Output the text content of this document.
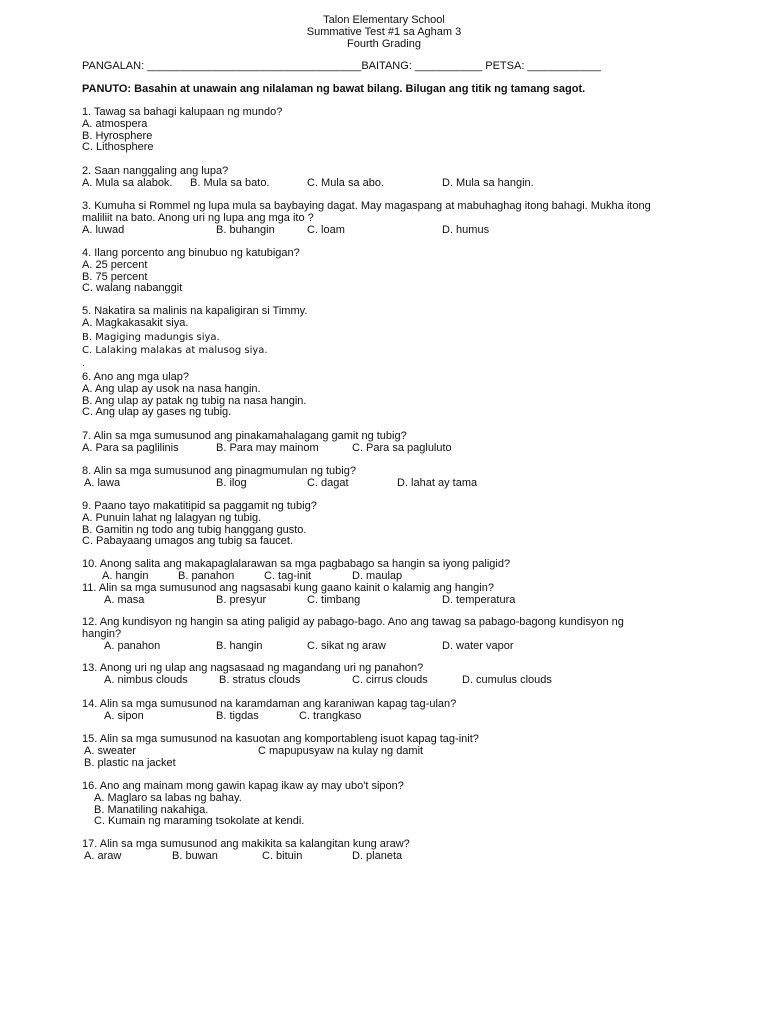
Talon Elementary School
Summative Test #1 sa Agham 3
Fourth Grading
PANGALAN: ___________________________________BAITANG: ___________ PETSA: ____________
PANUTO: Basahin at unawain ang nilalaman ng bawat bilang. Bilugan ang titik ng tamang sagot.
1. Tawag sa bahagi kalupaan ng mundo?
A. atmospera
B. Hyrosphere
C. Lithosphere
2. Saan nanggaling ang lupa?

A. Mula sa alabok.

B. Mula sa bato.

	C. Mula sa abo.

	D. Mula sa hangin.

3. Kumuha si Rommel ng lupa mula sa baybaying dagat. May magaspang at mabuhaghag itong bahagi. Mukha itong
maliliit na bato. Anong uri ng lupa ang mga ito ?

A. luwad

	B. buhangin

	C. loam

	D. humus

4. Ilang porcento ang binubuo ng katubigan?
A. 25 percent
B. 75 percent
C. walang nabanggit
5. Nakatira sa malinis na kapaligiran si Timmy.
A. Magkakasakit siya.
B. Magiging madungis siya.
C. Lalaking malakas at malusog siya.
.
6. Ano ang mga ulap?
A. Ang ulap ay usok na nasa hangin.
B. Ang ulap ay patak ng tubig na nasa hangin.
C. Ang ulap ay gases ng tubig.
7. Alin sa mga sumusunod ang pinakamahalagang gamit ng tubig?

A. Para sa paglilinis

	B. Para may mainom

	C. Para sa pagluluto

8. Alin sa mga sumusunod ang pinagmumulan ng tubig?

A. lawa

	B. ilog

	C. dagat

	D. lahat ay tama

9. Paano tayo makatitipid sa paggamit ng tubig?
A. Punuin lahat ng lalagyan ng tubig.
B. Gamitin ng todo ang tubig hanggang gusto.
C. Pabayaang umagos ang tubig sa faucet.
10. Anong salita ang makapaglalarawan sa mga pagbabago sa hangin sa iyong paligid?

A. hangin

	B. panahon

	C. tag-init

	D. maulap

11. Alin sa mga sumusunod ang nagsasabi kung gaano kainit o kalamig ang hangin?

A. masa

	B. presyur

	C. timbang

	D. temperatura

12. Ang kundisyon ng hangin sa ating paligid ay pabago-bago. Ano ang tawag sa pabago-bagong kundisyon ng
hangin?

A. panahon

	B. hangin

	C. sikat ng araw

	D. water vapor

13. Anong uri ng ulap ang nagsasaad ng magandang uri ng panahon?

A. nimbus clouds

	B. stratus clouds

	C. cirrus clouds

	D. cumulus clouds

14. Alin sa mga sumusunod na karamdaman ang karaniwan kapag tag-ulan?

A. sipon

	B. tigdas

	C. trangkaso

15. Alin sa mga sumusunod na kasuotan ang komportableng isuot kapag tag-init?

A. sweater

	C mapupusyaw na kulay ng damit

B. plastic na jacket
16. Ano ang mainam mong gawin kapag ikaw ay may ubo't sipon?
A. Maglaro sa labas ng bahay.
B. Manatiling nakahiga.
C. Kumain ng maraming tsokolate at kendi.
17. Alin sa mga sumusunod ang makikita sa kalangitan kung araw?

A. araw

	B. buwan

	C. bituin

	D. planeta
